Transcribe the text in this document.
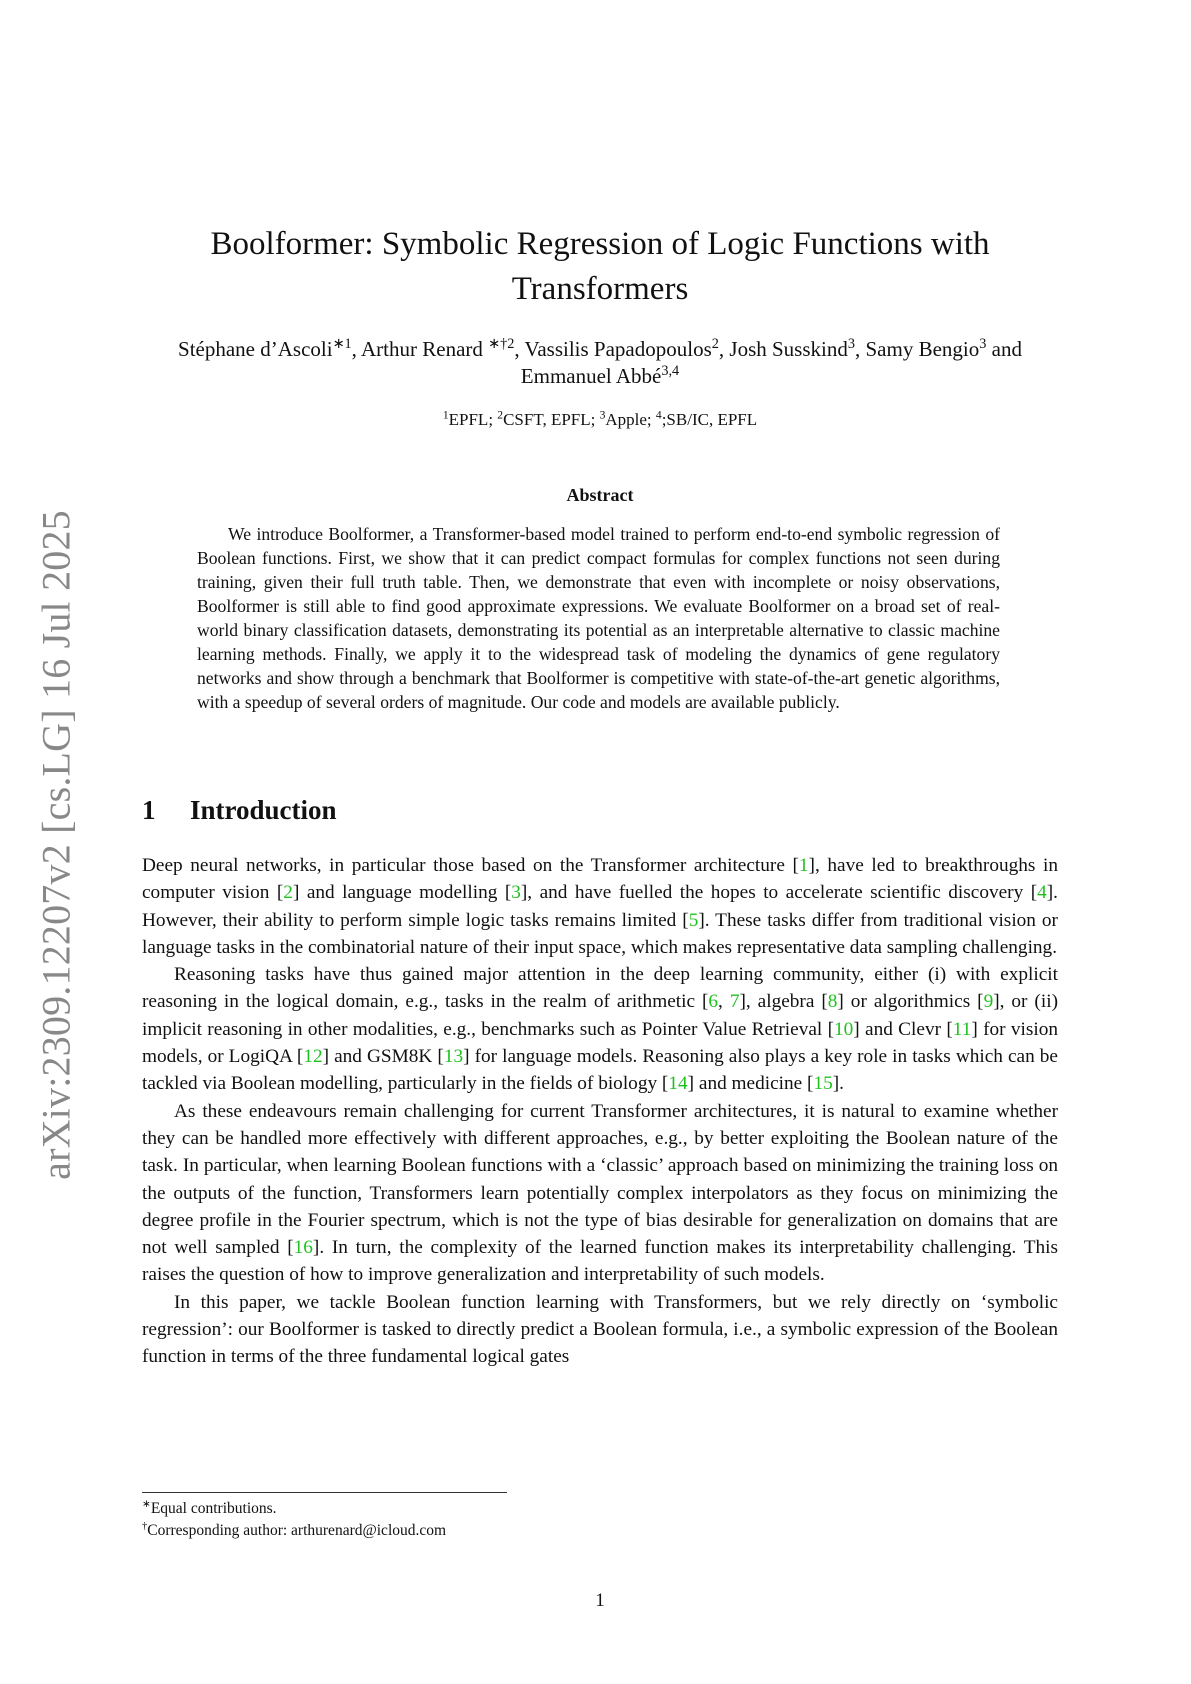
arXiv:2309.12207v2 [cs.LG] 16 Jul 2025
Boolformer: Symbolic Regression of Logic Functions with Transformers
Stéphane d’Ascoli$^{∗1}$, Arthur Renard $^{∗\dagger 2}$, Vassilis Papadopoulos$^2$, Josh Susskind$^3$, Samy Bengio$^3$ and Emmanuel Abbé$^{3,4}$
$^1$EPFL; $^2$CSFT, EPFL; $^3$Apple; $^4$;SB/IC, EPFL
Abstract

We introduce Boolformer, a Transformer-based model trained to perform end-to-end symbolic regression of Boolean functions. First, we show that it can predict compact formulas for complex functions not seen during training, given their full truth table. Then, we demonstrate that even with incomplete or noisy observations, Boolformer is still able to find good approximate expressions. We evaluate Boolformer on a broad set of real-world binary classification datasets, demonstrating its potential as an interpretable alternative to classic machine learning methods. Finally, we apply it to the widespread task of modeling the dynamics of gene regulatory networks and show through a benchmark that Boolformer is competitive with state-of-the-art genetic algorithms, with a speedup of several orders of magnitude. Our code and models are available publicly.

1 Introduction

Deep neural networks, in particular those based on the Transformer architecture [1], have led to breakthroughs in computer vision [2] and language modelling [3], and have fuelled the hopes to accelerate scientific discovery [4]. However, their ability to perform simple logic tasks remains limited [5]. These tasks differ from traditional vision or language tasks in the combinatorial nature of their input space, which makes representative data sampling challenging.

Reasoning tasks have thus gained major attention in the deep learning community, either (i) with explicit reasoning in the logical domain, e.g., tasks in the realm of arithmetic [6, 7], algebra [8] or algorithmics [9], or (ii) implicit reasoning in other modalities, e.g., benchmarks such as Pointer Value Retrieval [10] and Clevr [11] for vision models, or LogiQA [12] and GSM8K [13] for language models. Reasoning also plays a key role in tasks which can be tackled via Boolean modelling, particularly in the fields of biology [14] and medicine [15].

As these endeavours remain challenging for current Transformer architectures, it is natural to examine whether they can be handled more effectively with different approaches, e.g., by better exploiting the Boolean nature of the task. In particular, when learning Boolean functions with a ‘classic’ approach based on minimizing the training loss on the outputs of the function, Transformers learn potentially complex interpolators as they focus on minimizing the degree profile in the Fourier spectrum, which is not the type of bias desirable for generalization on domains that are not well sampled [16]. In turn, the complexity of the learned function makes its interpretability challenging. This raises the question of how to improve generalization and interpretability of such models.

In this paper, we tackle Boolean function learning with Transformers, but we rely directly on ‘symbolic regression’: our Boolformer is tasked to directly predict a Boolean formula, i.e., a symbolic expression of the Boolean function in terms of the three fundamental logical gates

∗Equal contributions.
†Corresponding author: arthurenard@icloud.com
1
